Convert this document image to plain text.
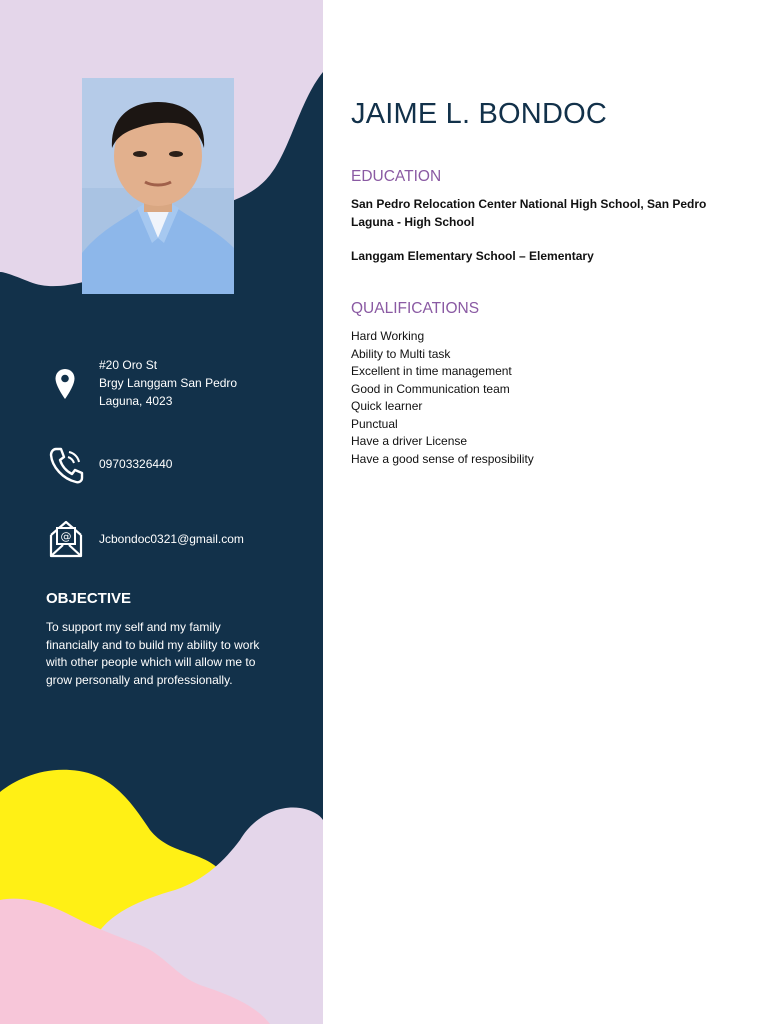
#20 Oro St
Brgy Langgam San Pedro
Laguna, 4023
09703326440
@ Jcbondoc0321@gmail.com
OBJECTIVE

To support my self and my family financially and to build my ability to work with other people which will allow me to grow personally and professionally.

JAIME L. BONDOC
EDUCATION

San Pedro Relocation Center National High School, San Pedro Laguna - High School

Langgam Elementary School – Elementary

QUALIFICATIONS
Hard Working
Ability to Multi task
Excellent in time management
Good in Communication team
Quick learner
Punctual
Have a driver License
Have a good sense of resposibility
